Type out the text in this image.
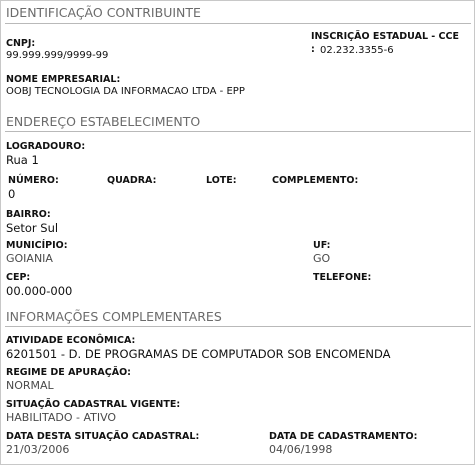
IDENTIFICAÇÃO CONTRIBUINTE
CNPJ:
99.999.999/9999-99
INSCRIÇÃO ESTADUAL - CCE
: 02.232.3355-6
NOME EMPRESARIAL:
OOBJ TECNOLOGIA DA INFORMACAO LTDA - EPP
ENDEREÇO ESTABELECIMENTO
LOGRADOURO:
Rua 1
NÚMERO:
0
QUADRA:	LOTE:	COMPLEMENTO:
BAIRRO:
Setor Sul
MUNICÍPIO:
GOIANIA
UF:
GO
CEP:
00.000-000
TELEFONE:
INFORMAÇÕES COMPLEMENTARES
ATIVIDADE ECONÔMICA:
6201501 - D. DE PROGRAMAS DE COMPUTADOR SOB ENCOMENDA
REGIME DE APURAÇÃO:
NORMAL
SITUAÇÃO CADASTRAL VIGENTE:
HABILITADO - ATIVO
DATA DESTA SITUAÇÃO CADASTRAL:
21/03/2006
DATA DE CADASTRAMENTO:
04/06/1998
